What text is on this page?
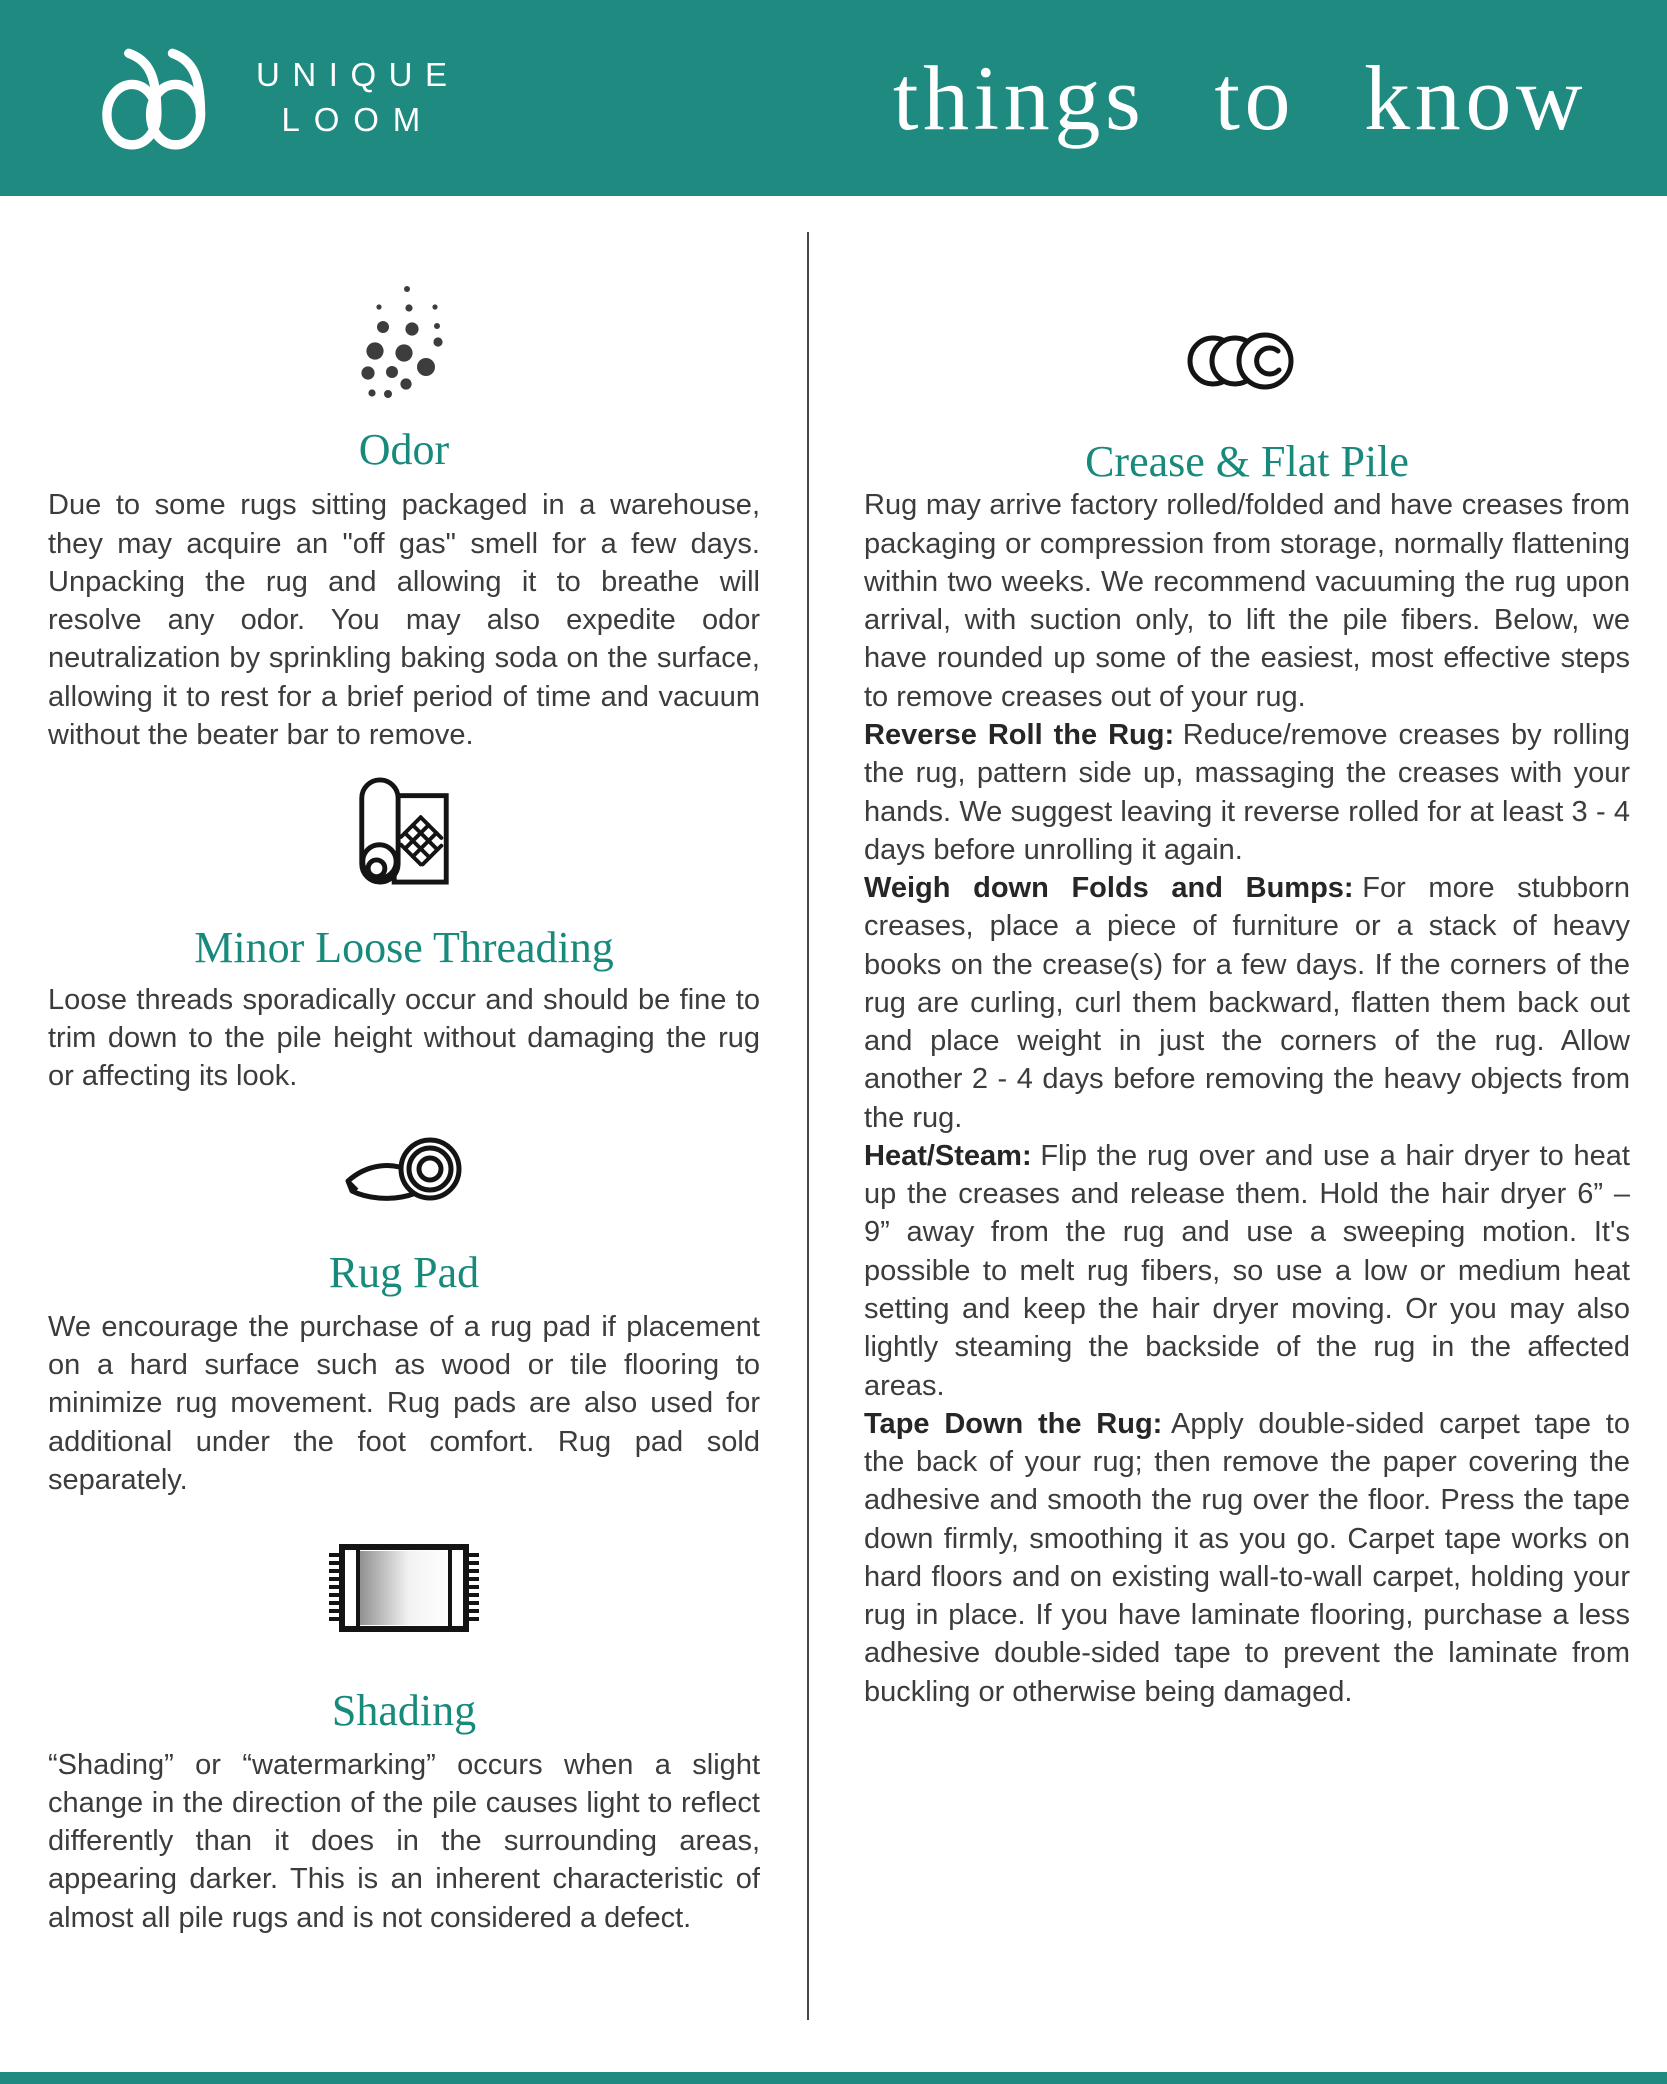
UNIQUE
LOOM	things to know
Odor

Due to some rugs sitting packaged in a warehouse, they may acquire an "off gas" smell for a few days. Unpacking the rug and allowing it to breathe will resolve any odor. You may also expedite odor neutralization by sprinkling baking soda on the surface, allowing it to rest for a brief period of time and vacuum without the beater bar to remove.

Minor Loose Threading

Loose threads sporadically occur and should be fine to trim down to the pile height without damaging the rug or affecting its look.

Rug Pad

We encourage the purchase of a rug pad if placement on a hard surface such as wood or tile flooring to minimize rug movement. Rug pads are also used for additional under the foot comfort. Rug pad sold separately.

Shading

“Shading” or “watermarking” occurs when a slight change in the direction of the pile causes light to reflect differently than it does in the surrounding areas, appearing darker. This is an inherent characteristic of almost all pile rugs and is not considered a defect.

Crease & Flat Pile

Rug may arrive factory rolled/folded and have creases from packaging or compression from storage, normally flattening within two weeks. We recommend vacuuming the rug upon arrival, with suction only, to lift the pile fibers. Below, we have rounded up some of the easiest, most effective steps to remove creases out of your rug.

Reverse Roll the Rug: Reduce/remove creases by rolling the rug, pattern side up, massaging the creases with your hands. We suggest leaving it reverse rolled for at least 3 - 4 days before unrolling it again.

Weigh down Folds and Bumps: For more stubborn creases, place a piece of furniture or a stack of heavy books on the crease(s) for a few days. If the corners of the rug are curling, curl them backward, flatten them back out and place weight in just the corners of the rug. Allow another 2 - 4 days before removing the heavy objects from the rug.

Heat/Steam: Flip the rug over and use a hair dryer to heat up the creases and release them. Hold the hair dryer 6” – 9” away from the rug and use a sweeping motion. It's possible to melt rug fibers, so use a low or medium heat setting and keep the hair dryer moving. Or you may also lightly steaming the backside of the rug in the affected areas.

Tape Down the Rug: Apply double-sided carpet tape to the back of your rug; then remove the paper covering the adhesive and smooth the rug over the floor. Press the tape down firmly, smoothing it as you go. Carpet tape works on hard floors and on existing wall-to-wall carpet, holding your rug in place. If you have laminate flooring, purchase a less adhesive double-sided tape to prevent the laminate from buckling or otherwise being damaged.
